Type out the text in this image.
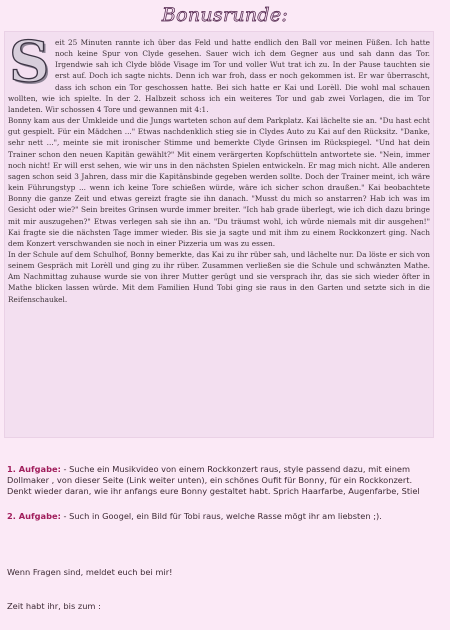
Bonusrunde:
S eit 25 Minuten rannte ich über das Feld und hatte endlich den Ball vor meinen Füßen. Ich hatte noch keine Spur von Clyde gesehen. Sauer wich ich dem Gegner aus und sah dann das Tor. Irgendwie sah ich Clyde blöde Visage im Tor und voller Wut trat ich zu. In der Pause tauchten sie erst auf. Doch ich sagte nichts. Denn ich war froh, dass er noch gekommen ist. Er war überrascht, dass ich schon ein Tor geschossen hatte. Bei sich hatte er Kai und Lorèll. Die wohl mal schauen wollten, wie ich spielte. In der 2. Halbzeit schoss ich ein weiteres Tor und gab zwei Vorlagen, die im Tor landeten. Wir schossen 4 Tore und gewannen mit 4:1.

Bonny kam aus der Umkleide und die Jungs warteten schon auf dem Parkplatz. Kai lächelte sie an. "Du hast echt gut gespielt. Für ein Mädchen ..." Etwas nachdenklich stieg sie in Clydes Auto zu Kai auf den Rücksitz. "Danke, sehr nett ...", meinte sie mit ironischer Stimme und bemerkte Clyde Grinsen im Rückspiegel. "Und hat dein Trainer schon den neuen Kapitän gewählt?" Mit einem verärgerten Kopfschütteln antwortete sie. "Nein, immer noch nicht! Er will erst sehen, wie wir uns in den nächsten Spielen entwickeln. Er mag mich nicht. Alle anderen sagen schon seid 3 Jahren, dass mir die Kapitänsbinde gegeben werden sollte. Doch der Trainer meint, ich wäre kein Führungstyp ... wenn ich keine Tore schießen würde, wäre ich sicher schon draußen." Kai beobachtete Bonny die ganze Zeit und etwas gereizt fragte sie ihn danach. "Musst du mich so anstarren? Hab ich was im Gesicht oder wie?" Sein breites Grinsen wurde immer breiter. "Ich hab grade überlegt, wie ich dich dazu bringe mit mir auszugehen?" Etwas verlegen sah sie ihn an. "Du träumst wohl, ich würde niemals mit dir ausgehen!" Kai fragte sie die nächsten Tage immer wieder. Bis sie ja sagte und mit ihm zu einem Rockkonzert ging. Nach dem Konzert verschwanden sie noch in einer Pizzeria um was zu essen.

In der Schule auf dem Schulhof, Bonny bemerkte, das Kai zu ihr rüber sah, und lächelte nur. Da löste er sich von seinem Gespräch mit Lorèll und ging zu ihr rüber. Zusammen verließen sie die Schule und schwänzten Mathe. Am Nachmittag zuhause wurde sie von ihrer Mutter gerügt und sie versprach ihr, das sie sich wieder öfter in Mathe blicken lassen würde. Mit dem Familien Hund Tobi ging sie raus in den Garten und setzte sich in die Reifenschaukel.

1. Aufgabe: - Suche ein Musikvideo von einem Rockkonzert raus, style passend dazu, mit einem Dollmaker , von dieser Seite (Link weiter unten), ein schönes Oufit für Bonny, für ein Rockkonzert. Denkt wieder daran, wie ihr anfangs eure Bonny gestaltet habt. Sprich Haarfarbe, Augenfarbe, Stiel

2. Aufgabe: - Such in Googel, ein Bild für Tobi raus, welche Rasse mögt ihr am liebsten ;).

Wenn Fragen sind, meldet euch bei mir!
Zeit habt ihr, bis zum :
